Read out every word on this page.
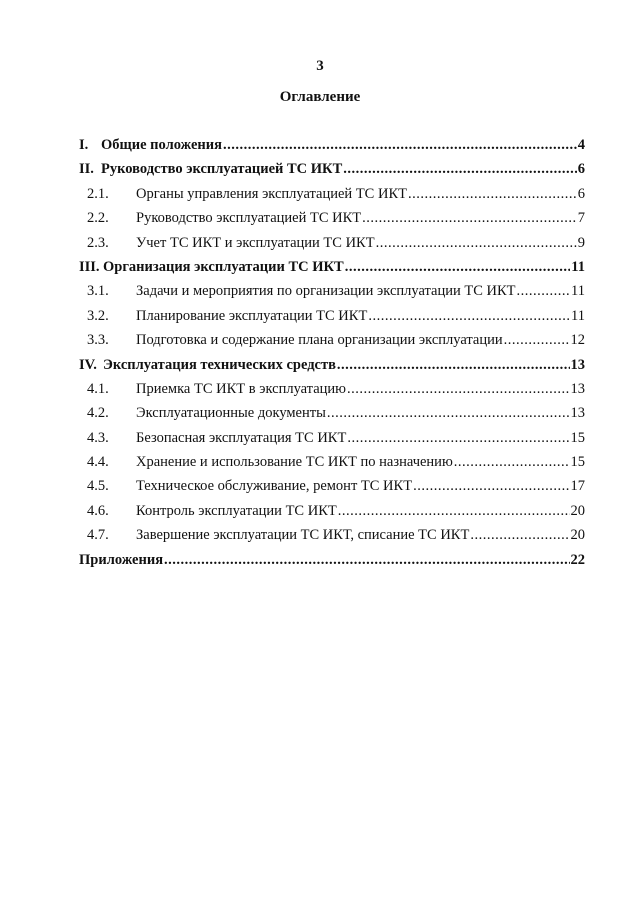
3
Оглавление
I. Общие положения .....	4
II. Руководство эксплуатацией ТС ИКТ .....	6
2.1.	Органы управления эксплуатацией ТС ИКТ .....	6
2.2.	Руководство эксплуатацией ТС ИКТ .....	7
2.3.	Учет ТС ИКТ и эксплуатации ТС ИКТ .....	9
III. Организация эксплуатации ТС ИКТ .....	11
3.1.	Задачи и мероприятия по организации эксплуатации ТС ИКТ .....	11
3.2.	Планирование эксплуатации ТС ИКТ .....	11
3.3.	Подготовка и содержание плана организации эксплуатации .....	12
IV. Эксплуатация технических средств .....	13
4.1.	Приемка ТС ИКТ в эксплуатацию .....	13
4.2.	Эксплуатационные документы .....	13
4.3.	Безопасная эксплуатация ТС ИКТ .....	15
4.4.	Хранение и использование ТС ИКТ по назначению .....	15
4.5.	Техническое обслуживание, ремонт ТС ИКТ .....	17
4.6.	Контроль эксплуатации ТС ИКТ .....	20
4.7.	Завершение эксплуатации ТС ИКТ, списание ТС ИКТ .....	20
Приложения .....	22
